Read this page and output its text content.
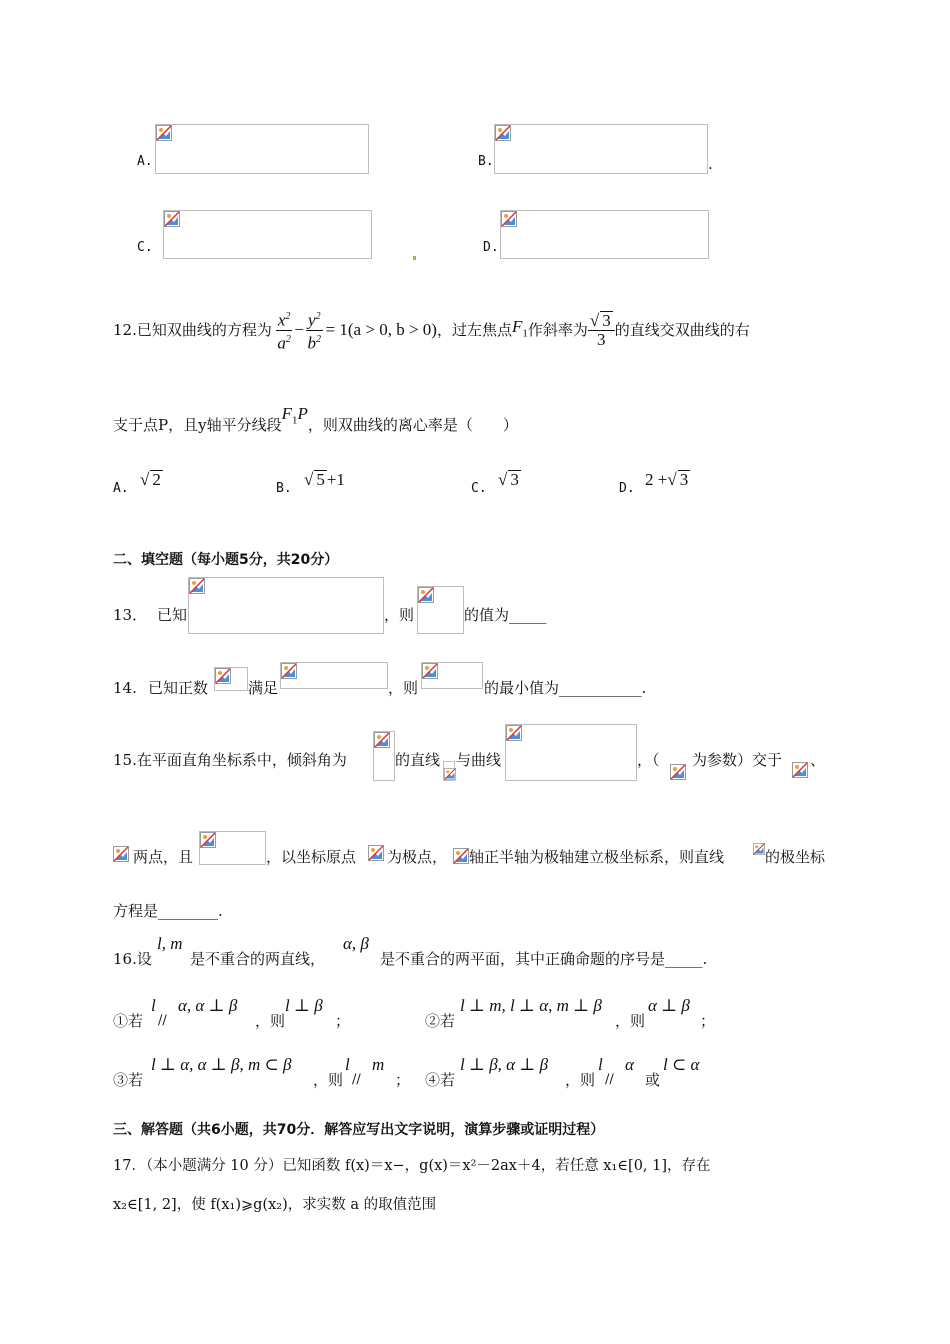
A.	B.	.
C.	D.
12. 已知双曲线的方程为 $\frac{x^2}{a^2} - \frac{y^2}{b^2} = 1(a > 0$, b > 0) ，过左焦点 $F_1$ 作斜率为 $\frac{√ 3}{3}$ 的直线交双曲线的右
支于点P，且y轴平分线段
$F_1P$
，则双曲线的离心率是（　　）
A. √ 2	B. √ 5 +1	C. √ 3	D. 2 +√ 3
二、填空题（每小题5分，共20分）
13． 已知	，则	的值为_____
14. 已知正数	满足	，则	的最小值为___________.
15.在平面直角坐标系中，倾斜角为	的直线 与曲线	，（ 为参数）交于 、
两点，且	，以坐标原点 为极点， 轴正半轴为极轴建立极坐标系，则直线	的极坐标
方程是________.
16.设
l, m
是不重合的两直线，
α, β
是不重合的两平面，其中正确命题的序号是_____.
①若
l
//
α, α ⊥ β
，则
l ⊥ β
；	②若
l ⊥ m, l ⊥ α, m ⊥ β
，则
α ⊥ β
；
③若
l ⊥ α, α ⊥ β, m ⊂ β
，则
l
//
m
； ④若
l ⊥ β, α ⊥ β
，则
l
//
α
或
l ⊂ α
三、解答题（共6小题，共70分．解答应写出文字说明，演算步骤或证明过程）
17．（本小题满分 10 分）已知函数 f(x)＝x−，g(x)＝x²－2ax＋4，若任意 x₁∈[0, 1]，存在
x₂∈[1, 2]，使 f(x₁)⩾g(x₂)，求实数 a 的取值范围
